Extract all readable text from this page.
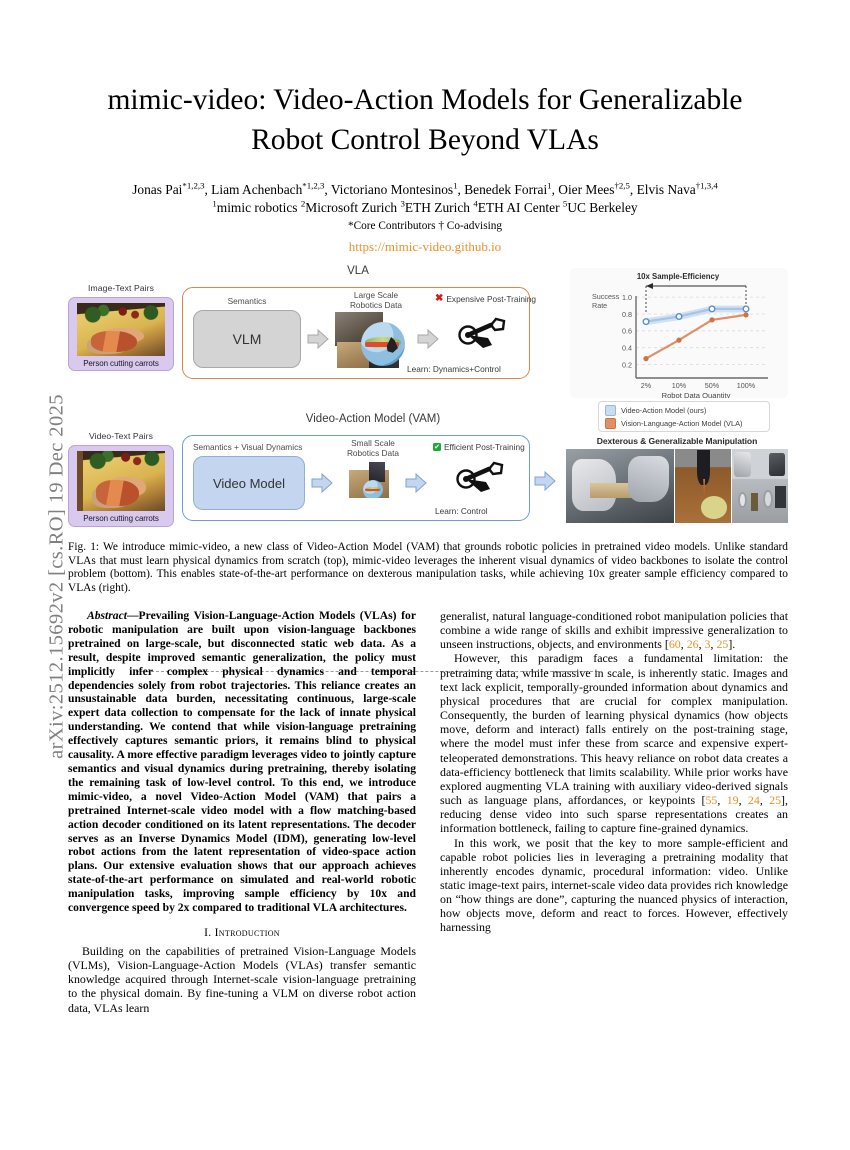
arXiv:2512.15692v2 [cs.RO] 19 Dec 2025
mimic-video: Video-Action Models for Generalizable
Robot Control Beyond VLAs
Jonas Pai$^{*1,2,3}$, Liam Achenbach$^{*1,2,3}$, Victoriano Montesinos$^1$, Benedek Forrai$^1$, Oier Mees$^{\dagger 2,5}$, Elvis Nava$^{\dagger 1,3,4}$
$^1$mimic robotics $^2$Microsoft Zurich $^3$ETH Zurich $^4$ETH AI Center $^5$UC Berkeley
*Core Contributors † Co-advising
https://mimic-video.github.io
VLA
Image-Text Pairs
Person cutting carrots
Semantics
VLM
Large Scale
Robotics Data
✖ Expensive Post-Training
Learn: Dynamics+Control
Video-Action Model (VAM)
Video-Text Pairs
Person cutting carrots
Semantics + Visual Dynamics
Video Model
Small Scale
Robotics Data
✔ Efficient Post-Training
Learn: Control
10x Sample-Efficiency
Success
Rate
1.0
0.8
0.6
0.4
0.2
2%	10%	50% 100%
Robot Data Quantity
Video-Action Model (ours)
Vision-Language-Action Model (VLA)
Dexterous & Generalizable Manipulation
Fig. 1: We introduce mimic-video, a new class of Video-Action Model (VAM) that grounds robotic policies in pretrained video models. Unlike standard VLAs that must learn physical dynamics from scratch (top), mimic-video leverages the inherent visual dynamics of video backbones to isolate the control problem (bottom). This enables state-of-the-art performance on dexterous manipulation tasks, while achieving 10x greater sample efficiency compared to VLAs (right).
Abstract—Prevailing Vision-Language-Action Models (VLAs) for robotic manipulation are built upon vision-language backbones pretrained on large-scale, but disconnected static web data. As a result, despite improved semantic generalization, the policy must implicitly infer complex physical dynamics and temporal dependencies solely from robot trajectories. This reliance creates an unsustainable data burden, necessitating continuous, large-scale expert data collection to compensate for the lack of innate physical understanding. We contend that while vision-language pretraining effectively captures semantic priors, it remains blind to physical causality. A more effective paradigm leverages video to jointly capture semantics and visual dynamics during pretraining, thereby isolating the remaining task of low-level control. To this end, we introduce mimic-video, a novel Video-Action Model (VAM) that pairs a pretrained Internet-scale video model with a flow matching-based action decoder conditioned on its latent representations. The decoder serves as an Inverse Dynamics Model (IDM), generating low-level robot actions from the latent representation of video-space action plans. Our extensive evaluation shows that our approach achieves state-of-the-art performance on simulated and real-world robotic manipulation tasks, improving sample efficiency by 10x and convergence speed by 2x compared to traditional VLA architectures.
I. Introduction

Building on the capabilities of pretrained Vision-Language Models (VLMs), Vision-Language-Action Models (VLAs) transfer semantic knowledge acquired through Internet-scale vision-language pretraining to the physical domain. By fine-tuning a VLM on diverse robot action data, VLAs learn

generalist, natural language-conditioned robot manipulation policies that combine a wide range of skills and exhibit impressive generalization to unseen instructions, objects, and environments [60, 26, 3, 25].

However, this paradigm faces a fundamental limitation: the pretraining data, while massive in scale, is inherently static. Images and text lack explicit, temporally-grounded information about dynamics and physical procedures that are crucial for complex manipulation. Consequently, the burden of learning physical dynamics (how objects move, deform and interact) falls entirely on the post-training stage, where the model must infer these from scarce and expensive expert-teleoperated demonstrations. This heavy reliance on robot data creates a data-efficiency bottleneck that limits scalability. While prior works have explored augmenting VLA training with auxiliary video-derived signals such as language plans, affordances, or keypoints [55, 19, 24, 25], reducing dense video into such sparse representations creates an information bottleneck, failing to capture fine-grained dynamics.

In this work, we posit that the key to more sample-efficient and capable robot policies lies in leveraging a pretraining modality that inherently encodes dynamic, procedural information: video. Unlike static image-text pairs, internet-scale video data provides rich knowledge on “how things are done”, capturing the nuanced physics of interaction, how objects move, deform and react to forces. However, effectively harnessing
